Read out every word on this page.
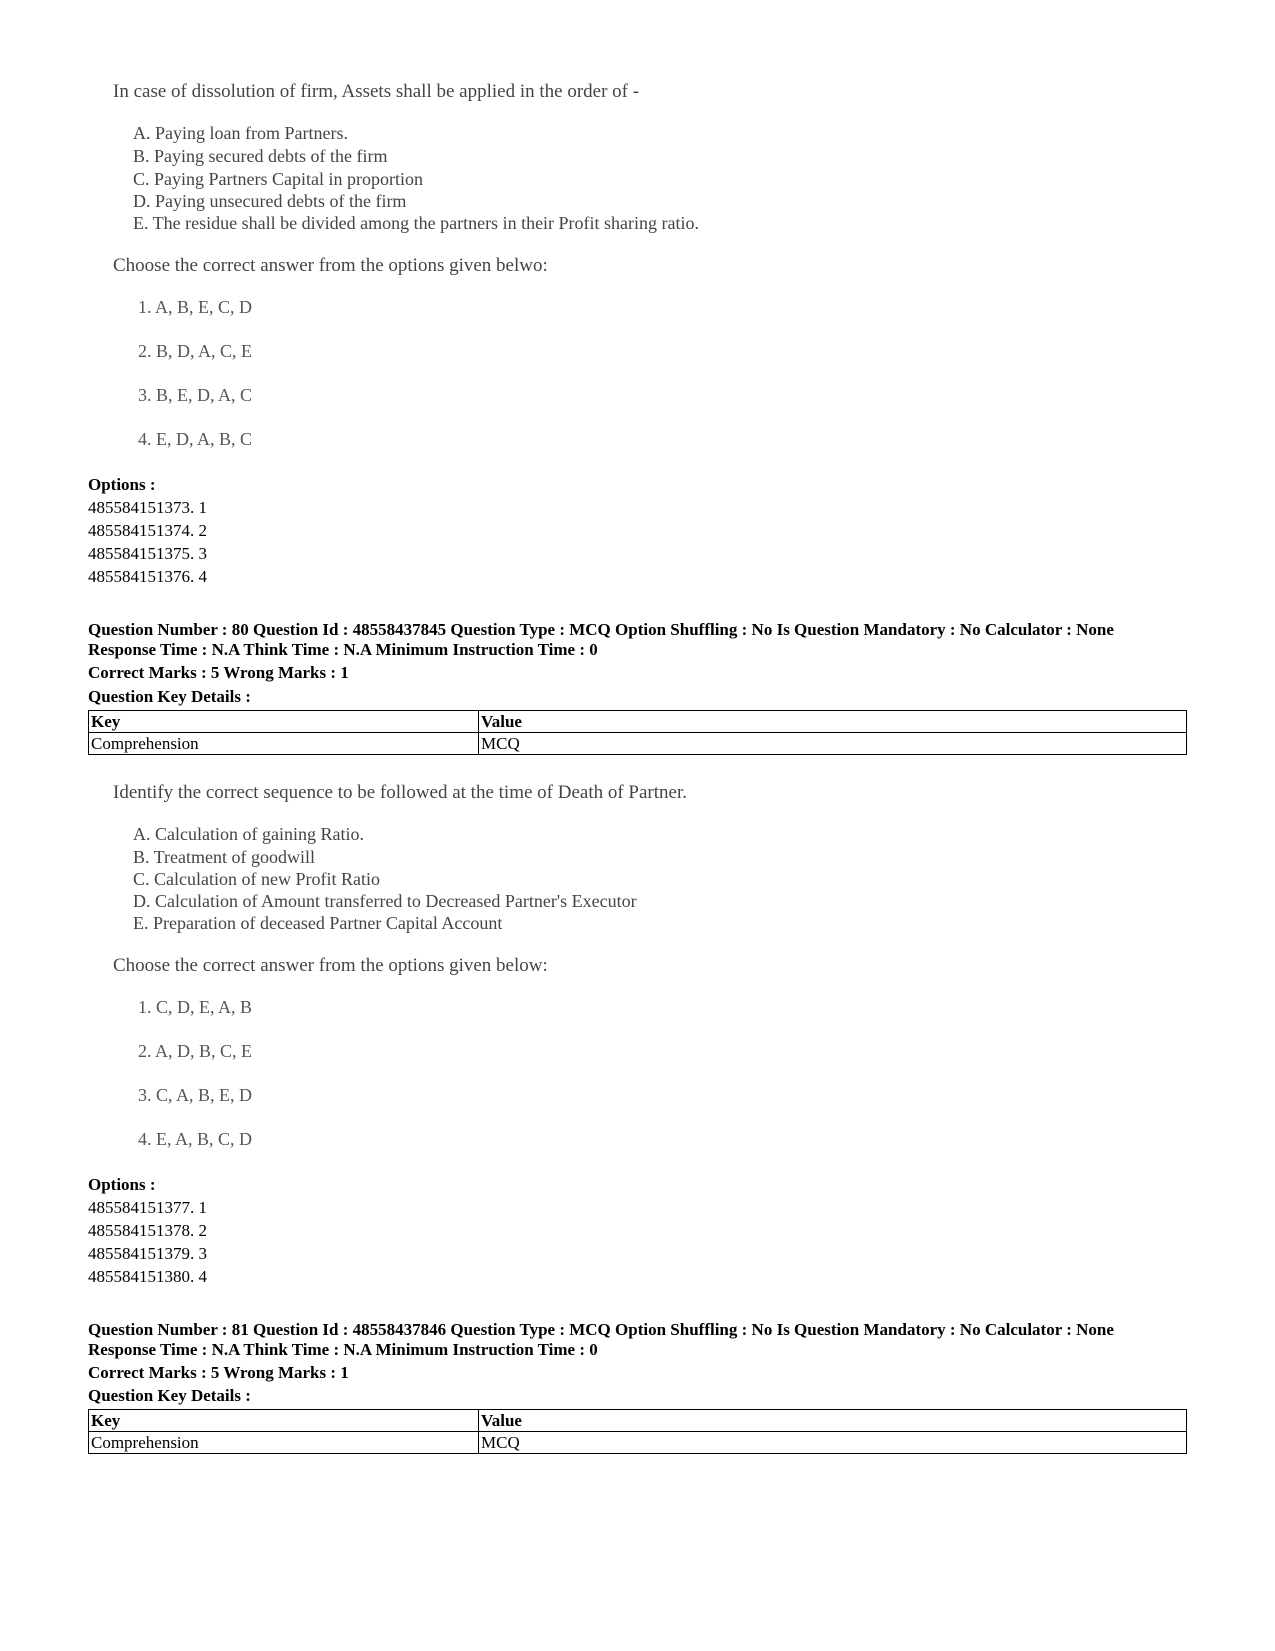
In case of dissolution of firm, Assets shall be applied in the order of -
A. Paying loan from Partners.
B. Paying secured debts of the firm
C. Paying Partners Capital in proportion
D. Paying unsecured debts of the firm
E. The residue shall be divided among the partners in their Profit sharing ratio.
Choose the correct answer from the options given belwo:
1. A, B, E, C, D
2. B, D, A, C, E
3. B, E, D, A, C
4. E, D, A, B, C
Options :
485584151373. 1
485584151374. 2
485584151375. 3
485584151376. 4
Question Number : 80 Question Id : 48558437845 Question Type : MCQ Option Shuffling : No Is Question Mandatory : No Calculator : None
Response Time : N.A Think Time : N.A Minimum Instruction Time : 0
Correct Marks : 5 Wrong Marks : 1
Question Key Details :
Key	Value
Comprehension	MCQ
Identify the correct sequence to be followed at the time of Death of Partner.
A. Calculation of gaining Ratio.
B. Treatment of goodwill
C. Calculation of new Profit Ratio
D. Calculation of Amount transferred to Decreased Partner's Executor
E. Preparation of deceased Partner Capital Account
Choose the correct answer from the options given below:
1. C, D, E, A, B
2. A, D, B, C, E
3. C, A, B, E, D
4. E, A, B, C, D
Options :
485584151377. 1
485584151378. 2
485584151379. 3
485584151380. 4
Question Number : 81 Question Id : 48558437846 Question Type : MCQ Option Shuffling : No Is Question Mandatory : No Calculator : None
Response Time : N.A Think Time : N.A Minimum Instruction Time : 0
Correct Marks : 5 Wrong Marks : 1
Question Key Details :
Key	Value
Comprehension	MCQ
